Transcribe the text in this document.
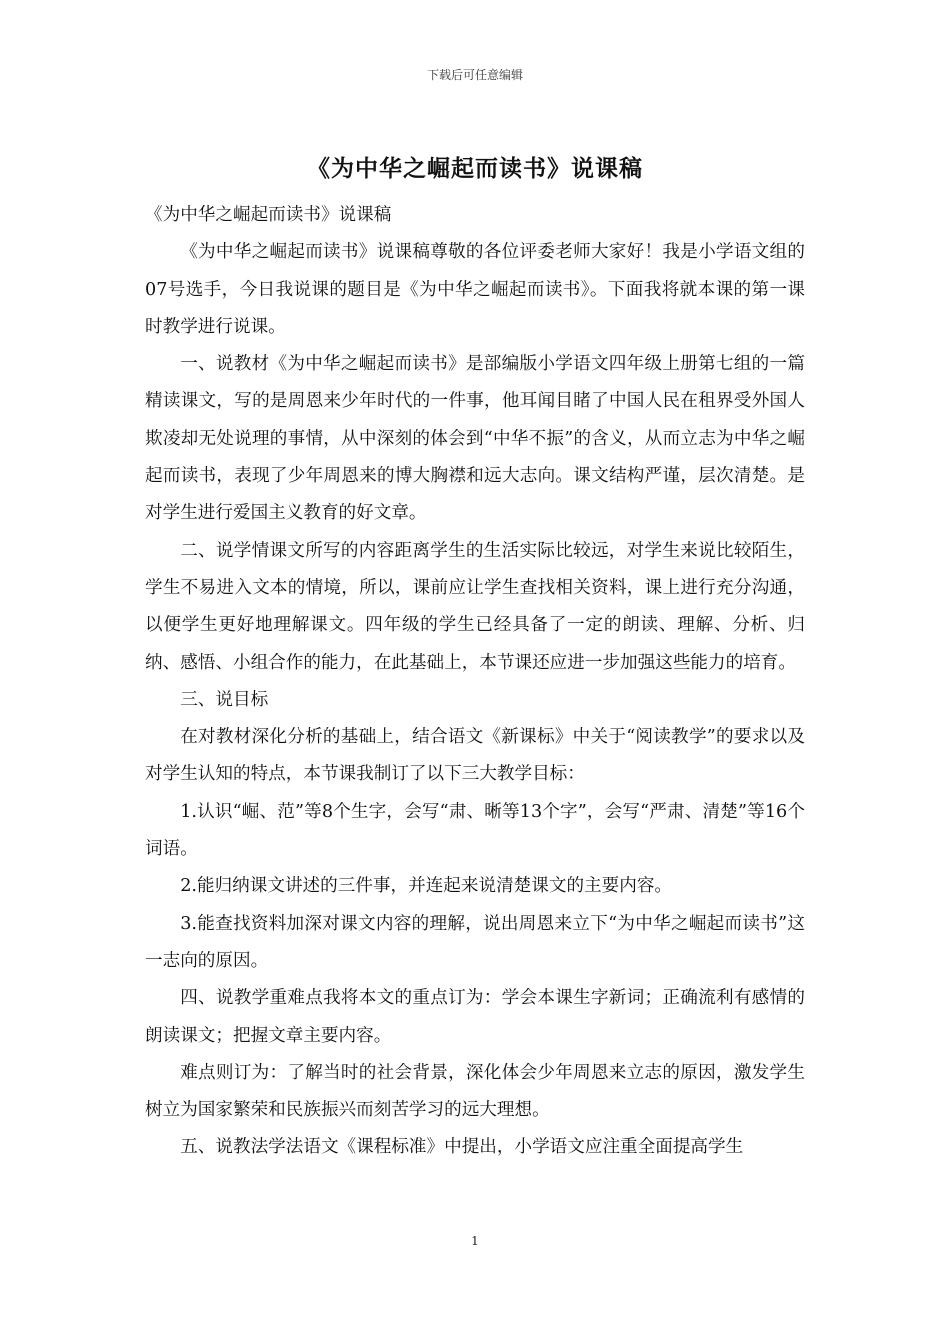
下载后可任意编辑
《为中华之崛起而读书》说课稿

《为中华之崛起而读书》说课稿

《为中华之崛起而读书》说课稿尊敬的各位评委老师大家好！我是小学语文组的07号选手，今日我说课的题目是《为中华之崛起而读书》。下面我将就本课的第一课时教学进行说课。

一、说教材《为中华之崛起而读书》是部编版小学语文四年级上册第七组的一篇精读课文，写的是周恩来少年时代的一件事，他耳闻目睹了中国人民在租界受外国人欺凌却无处说理的事情，从中深刻的体会到“中华不振”的含义，从而立志为中华之崛起而读书，表现了少年周恩来的博大胸襟和远大志向。课文结构严谨，层次清楚。是对学生进行爱国主义教育的好文章。

二、说学情课文所写的内容距离学生的生活实际比较远，对学生来说比较陌生，学生不易进入文本的情境，所以，课前应让学生查找相关资料，课上进行充分沟通，以便学生更好地理解课文。四年级的学生已经具备了一定的朗读、理解、分析、归纳、感悟、小组合作的能力，在此基础上，本节课还应进一步加强这些能力的培育。

三、说目标

在对教材深化分析的基础上，结合语文《新课标》中关于“阅读教学”的要求以及对学生认知的特点，本节课我制订了以下三大教学目标：

1.认识“崛、范”等8个生字，会写“肃、晰等13个字”，会写“严肃、清楚”等16个词语。

2.能归纳课文讲述的三件事，并连起来说清楚课文的主要内容。

3.能查找资料加深对课文内容的理解，说出周恩来立下“为中华之崛起而读书”这一志向的原因。

四、说教学重难点我将本文的重点订为：学会本课生字新词；正确流利有感情的朗读课文；把握文章主要内容。

难点则订为：了解当时的社会背景，深化体会少年周恩来立志的原因，激发学生树立为国家繁荣和民族振兴而刻苦学习的远大理想。

五、说教法学法语文《课程标准》中提出，小学语文应注重全面提高学生

1
